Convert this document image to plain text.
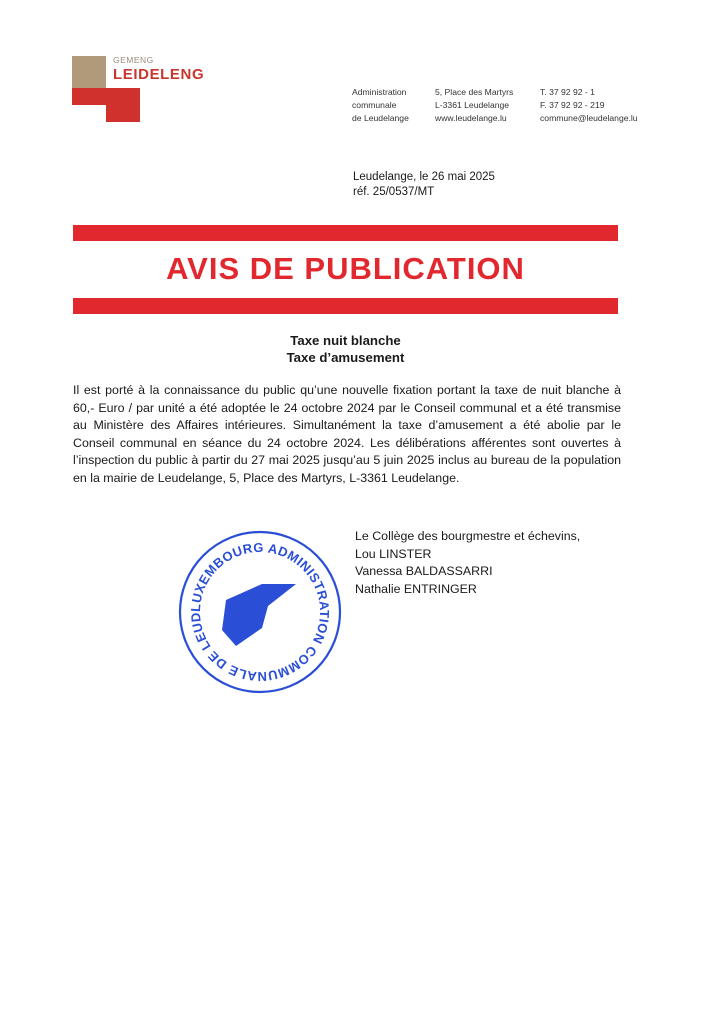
GEMENG
LEIDELENG
Administration
communale
de Leudelange
5, Place des Martyrs
L-3361 Leudelange
www.leudelange.lu
T. 37 92 92 - 1
F. 37 92 92 - 219
commune@leudelange.lu
Leudelange, le 26 mai 2025
réf. 25/0537/MT
AVIS DE PUBLICATION
Taxe nuit blanche
Taxe d’amusement
Il est porté à la connaissance du public qu’une nouvelle fixation portant la taxe de nuit blanche à 60,- Euro / par unité a été adoptée le 24 octobre 2024 par le Conseil communal et a été transmise au Ministère des Affaires intérieures. Simultanément la taxe d’amusement a été abolie par le Conseil communal en séance du 24 octobre 2024. Les délibérations afférentes sont ouvertes à l’inspection du public à partir du 27 mai 2025 jusqu’au 5 juin 2025 inclus au bureau de la population en la mairie de Leudelange, 5, Place des Martyrs, L-3361 Leudelange.
Le Collège des bourgmestre et échevins,
Lou LINSTER
Vanessa BALDASSARRI
Nathalie ENTRINGER
LUXEMBOURG ADMINISTRATION COMMUNALE DE LEUD
